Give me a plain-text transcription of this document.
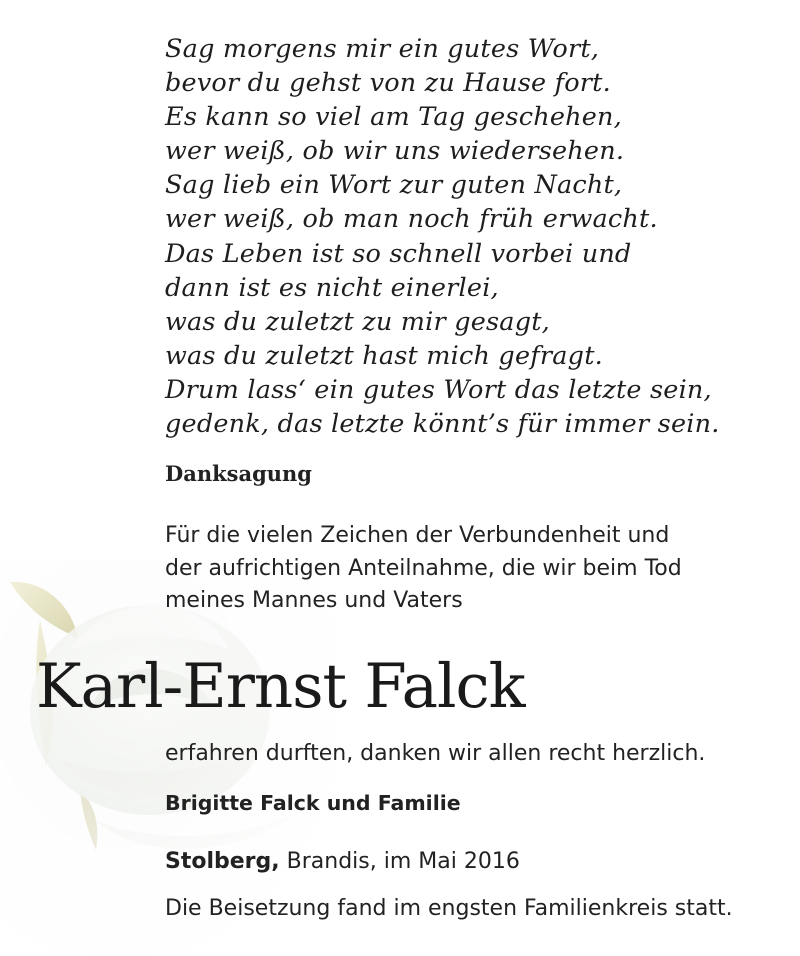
Sag morgens mir ein gutes Wort,
bevor du gehst von zu Hause fort.
Es kann so viel am Tag geschehen,
wer weiß, ob wir uns wiedersehen.
Sag lieb ein Wort zur guten Nacht,
wer weiß, ob man noch früh erwacht.
Das Leben ist so schnell vorbei und
dann ist es nicht einerlei,
was du zuletzt zu mir gesagt,
was du zuletzt hast mich gefragt.
Drum lass‘ ein gutes Wort das letzte sein,
gedenk, das letzte könnt’s für immer sein.
Danksagung
Für die vielen Zeichen der Verbundenheit und
der aufrichtigen Anteilnahme, die wir beim Tod
meines Mannes und Vaters
Karl-Ernst Falck

erfahren durften, danken wir allen recht herzlich.

Brigitte Falck und Familie

Stolberg, Brandis, im Mai 2016

Die Beisetzung fand im engsten Familienkreis statt.
